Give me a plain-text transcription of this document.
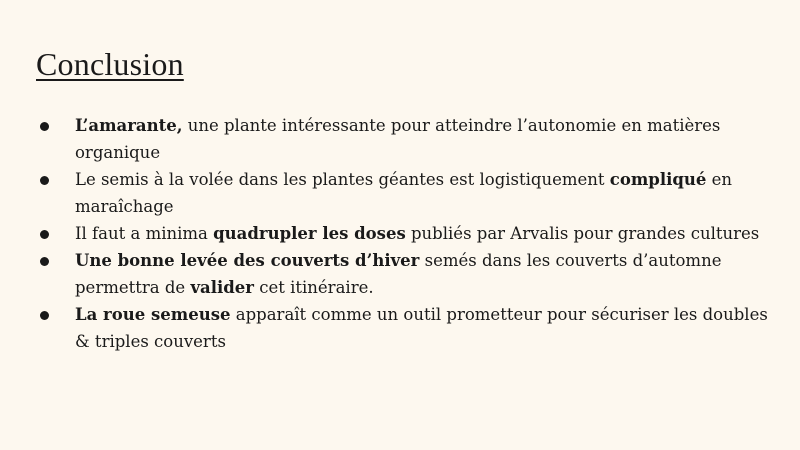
Conclusion
L’amarante, une plante intéressante pour atteindre l’autonomie en matières organique
Le semis à la volée dans les plantes géantes est logistiquement compliqué en maraîchage
Il faut a minima quadrupler les doses publiés par Arvalis pour grandes cultures
Une bonne levée des couverts d’hiver semés dans les couverts d’automne permettra de valider cet itinéraire.
La roue semeuse apparaît comme un outil prometteur pour sécuriser les doubles & triples couverts
